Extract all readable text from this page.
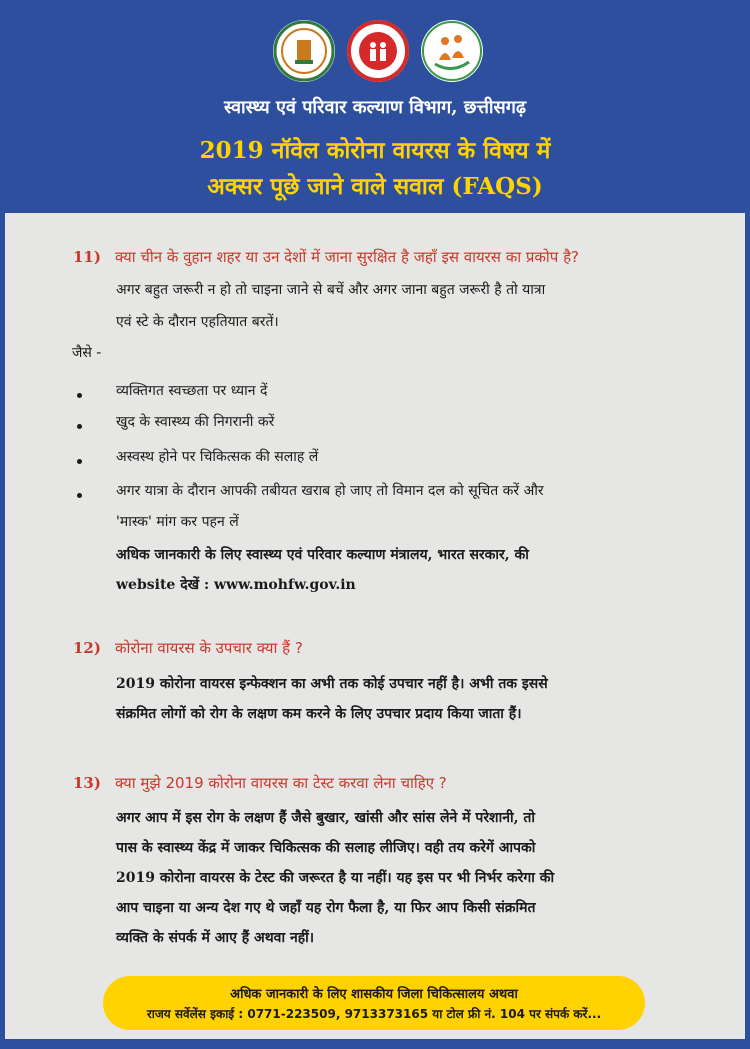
स्वास्थ्य एवं परिवार कल्याण विभाग, छत्तीसगढ़
2019 नॉवेल कोरोना वायरस के विषय में
अक्सर पूछे जाने वाले सवाल (FAQS)
11) क्या चीन के वुहान शहर या उन देशों में जाना सुरक्षित है जहाँ इस वायरस का प्रकोप है?
अगर बहुत जरूरी न हो तो चाइना जाने से बचें और अगर जाना बहुत जरूरी है तो यात्रा
एवं स्टे के दौरान एहतियात बरतें।
जैसे -
व्यक्तिगत स्वच्छता पर ध्यान दें
खुद के स्वास्थ्य की निगरानी करें
अस्वस्थ होने पर चिकित्सक की सलाह लें
अगर यात्रा के दौरान आपकी तबीयत खराब हो जाए तो विमान दल को सूचित करें और
'मास्क' मांग कर पहन लें
अधिक जानकारी के लिए स्वास्थ्य एवं परिवार कल्याण मंत्रालय, भारत सरकार, की
website देखें : www.mohfw.gov.in
12) कोरोना वायरस के उपचार क्या हैं ?
2019 कोरोना वायरस इन्फेक्शन का अभी तक कोई उपचार नहीं है। अभी तक इससे
संक्रमित लोगों को रोग के लक्षण कम करने के लिए उपचार प्रदाय किया जाता हैं।
13) क्या मुझे 2019 कोरोना वायरस का टेस्ट करवा लेना चाहिए ?
अगर आप में इस रोग के लक्षण हैं जैसे बुखार, खांसी और सांस लेने में परेशानी, तो
पास के स्वास्थ्य केंद्र में जाकर चिकित्सक की सलाह लीजिए। वही तय करेगें आपको
2019 कोरोना वायरस के टेस्ट की जरूरत है या नहीं। यह इस पर भी निर्भर करेगा की
आप चाइना या अन्य देश गए थे जहाँ यह रोग फैला है, या फिर आप किसी संक्रमित
व्यक्ति के संपर्क में आए हैं अथवा नहीं।
अधिक जानकारी के लिए शासकीय जिला चिकित्सालय अथवा
राजय सर्वेलेंस इकाई : 0771-223509, 9713373165 या टोल फ्री नं. 104 पर संपर्क करें...
